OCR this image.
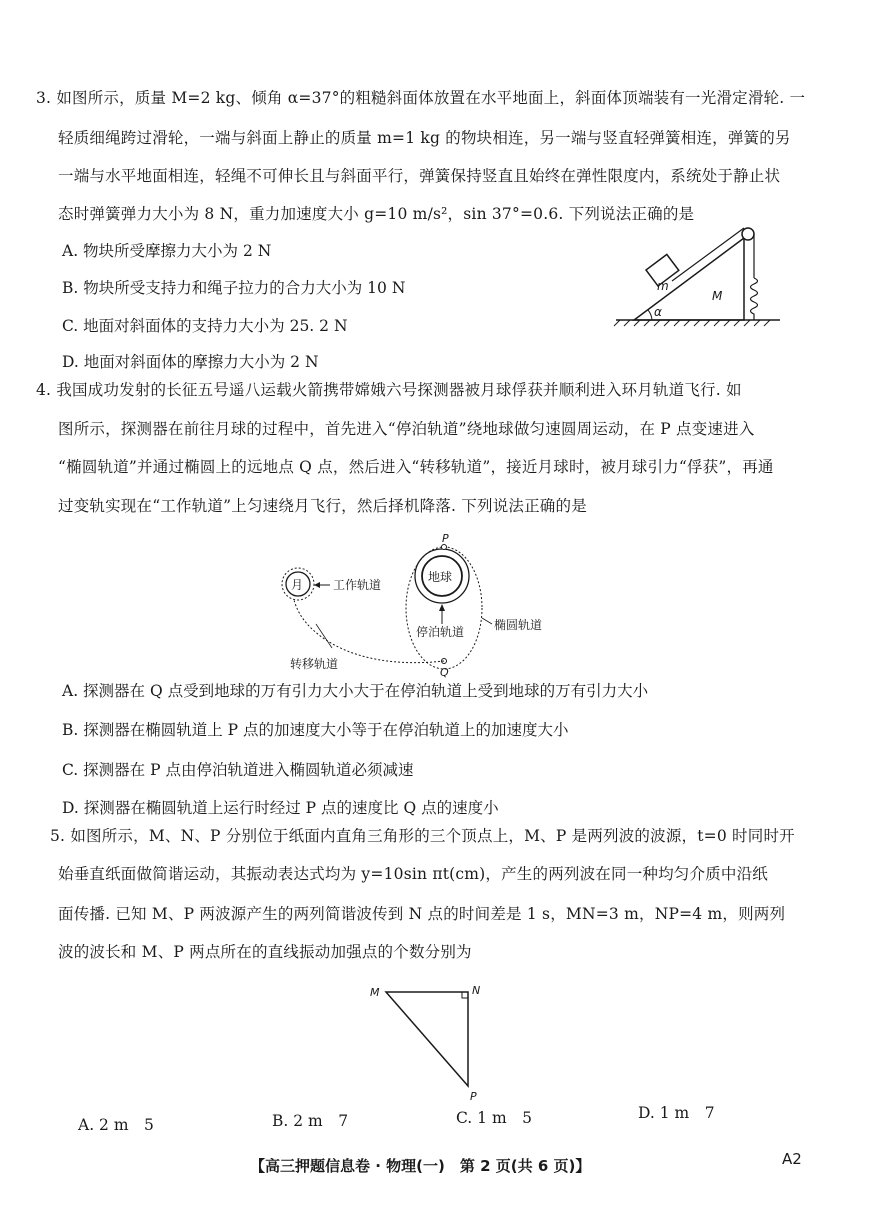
3. 如图所示，质量 M=2 kg、倾角 α=37°的粗糙斜面体放置在水平地面上，斜面体顶端装有一光滑定滑轮. 一
轻质细绳跨过滑轮，一端与斜面上静止的质量 m=1 kg 的物块相连，另一端与竖直轻弹簧相连，弹簧的另
一端与水平地面相连，轻绳不可伸长且与斜面平行，弹簧保持竖直且始终在弹性限度内，系统处于静止状
态时弹簧弹力大小为 8 N，重力加速度大小 g=10 m/s²，sin 37°=0.6. 下列说法正确的是
A. 物块所受摩擦力大小为 2 N
B. 物块所受支持力和绳子拉力的合力大小为 10 N
C. 地面对斜面体的支持力大小为 25. 2 N
D. 地面对斜面体的摩擦力大小为 2 N
m
M
α
4. 我国成功发射的长征五号遥八运载火箭携带嫦娥六号探测器被月球俘获并顺利进入环月轨道飞行. 如
图所示，探测器在前往月球的过程中，首先进入“停泊轨道”绕地球做匀速圆周运动，在 P 点变速进入
“椭圆轨道”并通过椭圆上的远地点 Q 点，然后进入“转移轨道”，接近月球时，被月球引力“俘获”，再通
过变轨实现在“工作轨道”上匀速绕月飞行，然后择机降落. 下列说法正确的是
月 工作轨道
地球
P
Q
转移轨道
停泊轨道 椭圆轨道
A. 探测器在 Q 点受到地球的万有引力大小大于在停泊轨道上受到地球的万有引力大小
B. 探测器在椭圆轨道上 P 点的加速度大小等于在停泊轨道上的加速度大小
C. 探测器在 P 点由停泊轨道进入椭圆轨道必须减速
D. 探测器在椭圆轨道上运行时经过 P 点的速度比 Q 点的速度小
5. 如图所示，M、N、P 分别位于纸面内直角三角形的三个顶点上，M、P 是两列波的波源，t=0 时同时开
始垂直纸面做简谐运动，其振动表达式均为 y=10sin πt(cm)，产生的两列波在同一种均匀介质中沿纸
面传播. 已知 M、P 两波源产生的两列简谐波传到 N 点的时间差是 1 s，MN=3 m，NP=4 m，则两列
波的波长和 M、P 两点所在的直线振动加强点的个数分别为
M	N
P
A. 2 m　5	B. 2 m　7	C. 1 m　5	D. 1 m　7
【高三押题信息卷 · 物理(一)　第 2 页(共 6 页)】	A2
